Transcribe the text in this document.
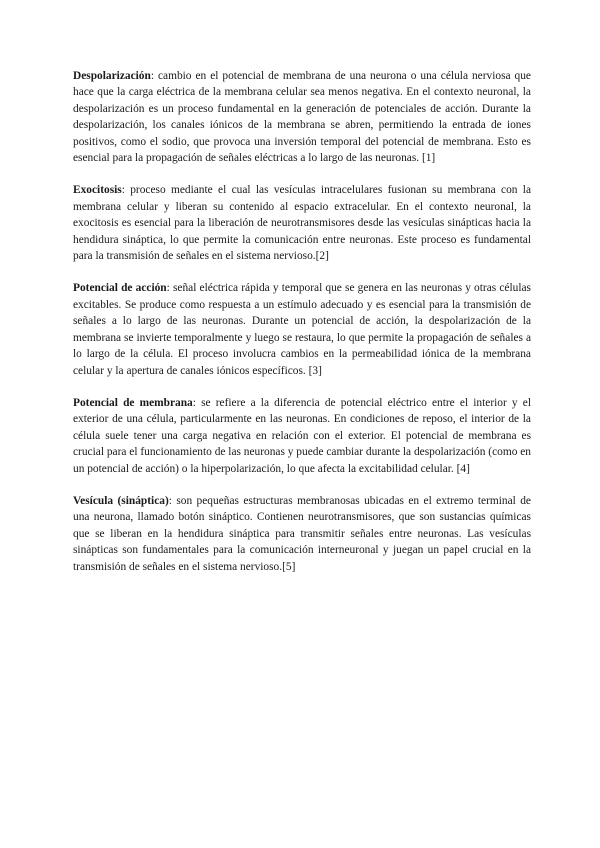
Despolarización: cambio en el potencial de membrana de una neurona o una célula nerviosa que hace que la carga eléctrica de la membrana celular sea menos negativa. En el contexto neuronal, la despolarización es un proceso fundamental en la generación de potenciales de acción. Durante la despolarización, los canales iónicos de la membrana se abren, permitiendo la entrada de iones positivos, como el sodio, que provoca una inversión temporal del potencial de membrana. Esto es esencial para la propagación de señales eléctricas a lo largo de las neuronas. [1]

Exocitosis: proceso mediante el cual las vesículas intracelulares fusionan su membrana con la membrana celular y liberan su contenido al espacio extracelular. En el contexto neuronal, la exocitosis es esencial para la liberación de neurotransmisores desde las vesículas sinápticas hacia la hendidura sináptica, lo que permite la comunicación entre neuronas. Este proceso es fundamental para la transmisión de señales en el sistema nervioso.[2]

Potencial de acción: señal eléctrica rápida y temporal que se genera en las neuronas y otras células excitables. Se produce como respuesta a un estímulo adecuado y es esencial para la transmisión de señales a lo largo de las neuronas. Durante un potencial de acción, la despolarización de la membrana se invierte temporalmente y luego se restaura, lo que permite la propagación de señales a lo largo de la célula. El proceso involucra cambios en la permeabilidad iónica de la membrana celular y la apertura de canales iónicos específicos. [3]

Potencial de membrana: se refiere a la diferencia de potencial eléctrico entre el interior y el exterior de una célula, particularmente en las neuronas. En condiciones de reposo, el interior de la célula suele tener una carga negativa en relación con el exterior. El potencial de membrana es crucial para el funcionamiento de las neuronas y puede cambiar durante la despolarización (como en un potencial de acción) o la hiperpolarización, lo que afecta la excitabilidad celular. [4]

Vesícula (sináptica): son pequeñas estructuras membranosas ubicadas en el extremo terminal de una neurona, llamado botón sináptico. Contienen neurotransmisores, que son sustancias químicas que se liberan en la hendidura sináptica para transmitir señales entre neuronas. Las vesículas sinápticas son fundamentales para la comunicación interneuronal y juegan un papel crucial en la transmisión de señales en el sistema nervioso.[5]
